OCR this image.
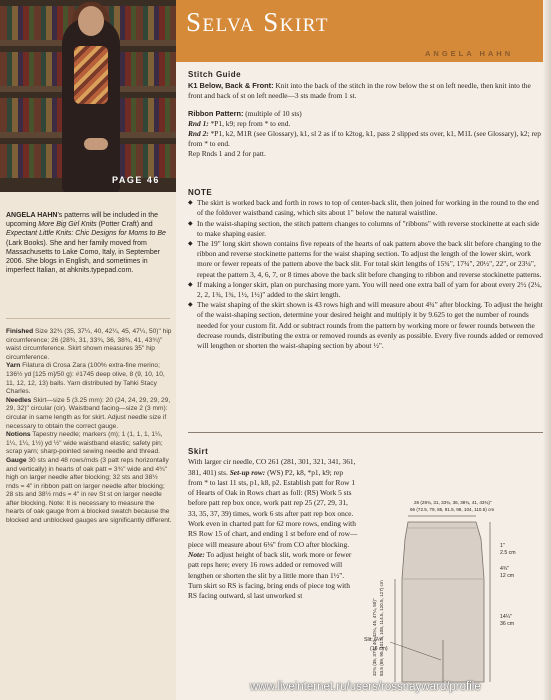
PAGE 46
ANGELA HAHN's patterns will be included in the upcoming More Big Girl Knits (Potter Craft) and Expectant Little Knits: Chic Designs for Moms to Be (Lark Books). She and her family moved from Massachusetts to Lake Como, Italy, in September 2006. She blogs in English, and sometimes in imperfect Italian, at ahknits.typepad.com.

Finished Size 32¾ (35, 37¼, 40, 42¼, 45, 47¼, 50)" hip circumference; 26 (28¾, 31, 33¾, 36, 38¾, 41, 43¾)" waist circumference. Skirt shown measures 35" hip circumference.

Yarn Filatura di Crosa Zara (100% extra-fine merino; 136½ yd [125 m]/50 g): #1745 deep olive, 8 (9, 10, 10, 11, 12, 12, 13) balls. Yarn distributed by Tahki Stacy Charles.

Needles Skirt—size 5 (3.25 mm): 20 (24, 24, 29, 29, 29, 29, 32)" circular (cir). Waistband facing—size 2 (3 mm): circular in same length as for skirt. Adjust needle size if necessary to obtain the correct gauge.

Notions Tapestry needle; markers (m); 1 (1, 1, 1, 1¼, 1¼, 1¼, 1½) yd ½" wide waistband elastic; safety pin; scrap yarn; sharp-pointed sewing needle and thread.

Gauge 30 sts and 48 rows/rnds (3 patt reps horizontally and vertically) in hearts of oak patt = 3¾" wide and 4¾" high on larger needle after blocking; 32 sts and 38½ rnds = 4" in ribbon patt on larger needle after blocking; 28 sts and 38½ rnds = 4" in rev St st on larger needle after blocking. Note: It is necessary to measure the hearts of oak gauge from a blocked swatch because the blocked and unblocked gauges are significantly different.

Selva Skirt
ANGELA HAHN
Stitch Guide
K1 Below, Back & Front: Knit into the back of the stitch in the row below the st on left needle, then knit into the front and back of st on left needle—3 sts made from 1 st.
Ribbon Pattern: (multiple of 10 sts)
Rnd 1: *P1, k9; rep from * to end.
Rnd 2: *P1, k2, M1R (see Glossary), k1, sl 2 as if to k2tog, k1, pass 2 slipped sts over, k1, M1L (see Glossary), k2; rep from * to end.
Rep Rnds 1 and 2 for patt.
NOTE
◆ The skirt is worked back and forth in rows to top of center-back slit, then joined for working in the round to the end of the foldover waistband casing, which sits about 1" below the natural waistline.
◆ In the waist-shaping section, the stitch pattern changes to columns of "ribbons" with reverse stockinette at each side to make shaping easier.
◆ The 19" long skirt shown contains five repeats of the hearts of oak pattern above the back slit before changing to the ribbon and reverse stockinette patterns for the waist shaping section. To adjust the length of the lower skirt, work more or fewer repeats of the pattern above the back slit. For total skirt lengths of 15¾", 17¾", 20½", 22", or 23¼", repeat the pattern 3, 4, 6, 7, or 8 times above the back slit before changing to ribbon and reverse stockinette patterns.
◆ If making a longer skirt, plan on purchasing more yarn. You will need one extra ball of yarn for about every 2½ (2¼, 2, 2, 1¾, 1¾, 1½, 1½)" added to the skirt length.
◆ The waist shaping of the skirt shown is 43 rows high and will measure about 4¾" after blocking. To adjust the height of the waist-shaping section, determine your desired height and multiply it by 9.625 to get the number of rounds needed for your custom fit. Add or subtract rounds from the pattern by working more or fewer rounds between the decrease rounds, distributing the extra or removed rounds as evenly as possible. Every five rounds added or removed will lengthen or shorten the waist-shaping section by about ½".
Skirt
With larger cir needle, CO 261 (281, 301, 321, 341, 361, 381, 401) sts. Set-up row: (WS) P2, k8, *p1, k9; rep from * to last 11 sts, p1, k8, p2. Establish patt for Row 1 of Hearts of Oak in Rows chart as foll: (RS) Work 5 sts before patt rep box once, work patt rep 25 (27, 29, 31, 33, 35, 37, 39) times, work 6 sts after patt rep box once. Work even in charted patt for 62 more rows, ending with RS Row 15 of chart, and ending 1 st before end of row—piece will measure about 6⅛" from CO after blocking. Note: To adjust height of back slit, work more or fewer patt reps here; every 16 rows added or removed will lengthen or shorten the slit by a little more than 1½". Turn skirt so RS is facing, bring ends of piece tog with RS facing outward, sl last unworked st
26 (28¾, 31, 33¾, 36, 38¾, 41, 43¾)"
66 (72.5, 79, 85, 91.5, 98, 104, 110.5) cm
32¾ (35, 37¼, 40, 42¼, 45, 47¼, 50)" 83.5 (89, 95, 101.5, 108, 114.5, 120.5, 127) cm
1"
2.5 cm
4¾"
12 cm
14¼"
36 cm
Slit: 6¼"
(16 cm)
www.liveinternet.ru/users/rossnayward/profile
